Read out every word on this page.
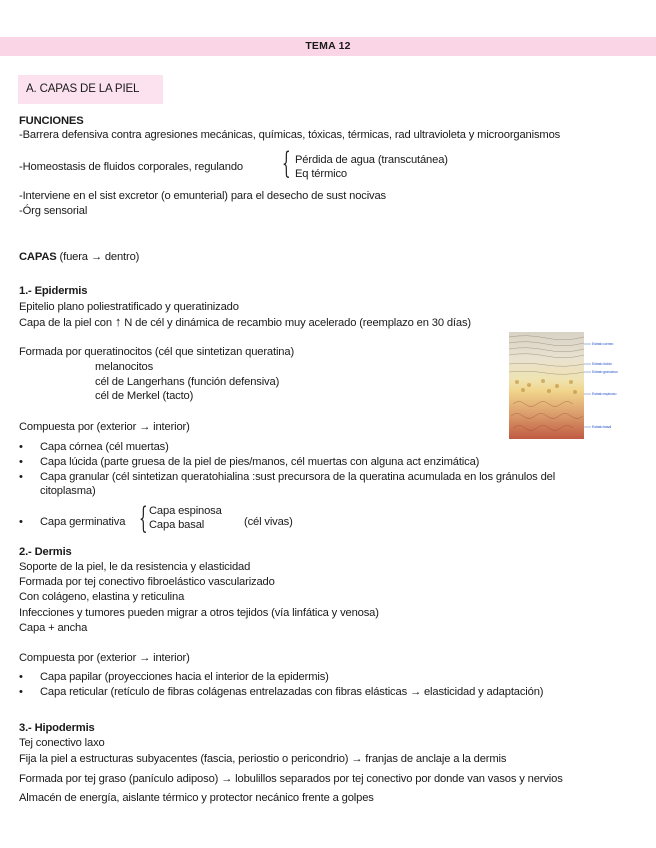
TEMA 12
A. CAPAS DE LA PIEL
FUNCIONES
-Barrera defensiva contra agresiones mecánicas, químicas, tóxicas, térmicas, rad ultravioleta y microorganismos
-Homeostasis de fluidos corporales, regulando { Pérdida de agua (transcutánea)
Eq térmico
-Interviene en el sist excretor (o emunterial) para el desecho de sust nocivas
-Órg sensorial
CAPAS (fuera → dentro)
1.- Epidermis
Epitelio plano poliestratificado y queratinizado
Capa de la piel con ↑ N de cél y dinámica de recambio muy acelerado (reemplazo en 30 días)
Formada por queratinocitos (cél que sintetizan queratina)
melanocitos
cél de Langerhans (función defensiva)
cél de Merkel (tacto)
Compuesta por (exterior → interior)
• Capa córnea (cél muertas)
• Capa lúcida (parte gruesa de la piel de pies/manos, cél muertas con alguna act enzimática)
• Capa granular (cél sintetizan queratohialina :sust precursora de la queratina acumulada en los gránulos del
citoplasma)
• Capa germinativa { Capa espinosa
Capa basal	(cél vivas)
Estrato córneo
Estrato lúcido
Estrato granuloso
Estrato espinoso
Estrato basal
2.- Dermis
Soporte de la piel, le da resistencia y elasticidad
Formada por tej conectivo fibroelástico vascularizado
Con colágeno, elastina y reticulina
Infecciones y tumores pueden migrar a otros tejidos (vía linfática y venosa)
Capa + ancha
Compuesta por (exterior → interior)
• Capa papilar (proyecciones hacia el interior de la epidermis)
• Capa reticular (retículo de fibras colágenas entrelazadas con fibras elásticas → elasticidad y adaptación)
3.- Hipodermis
Tej conectivo laxo
Fija la piel a estructuras subyacentes (fascia, periostio o pericondrio) → franjas de anclaje a la dermis
Formada por tej graso (panículo adiposo) → lobulillos separados por tej conectivo por donde van vasos y nervios
Almacén de energía, aislante térmico y protector necánico frente a golpes
